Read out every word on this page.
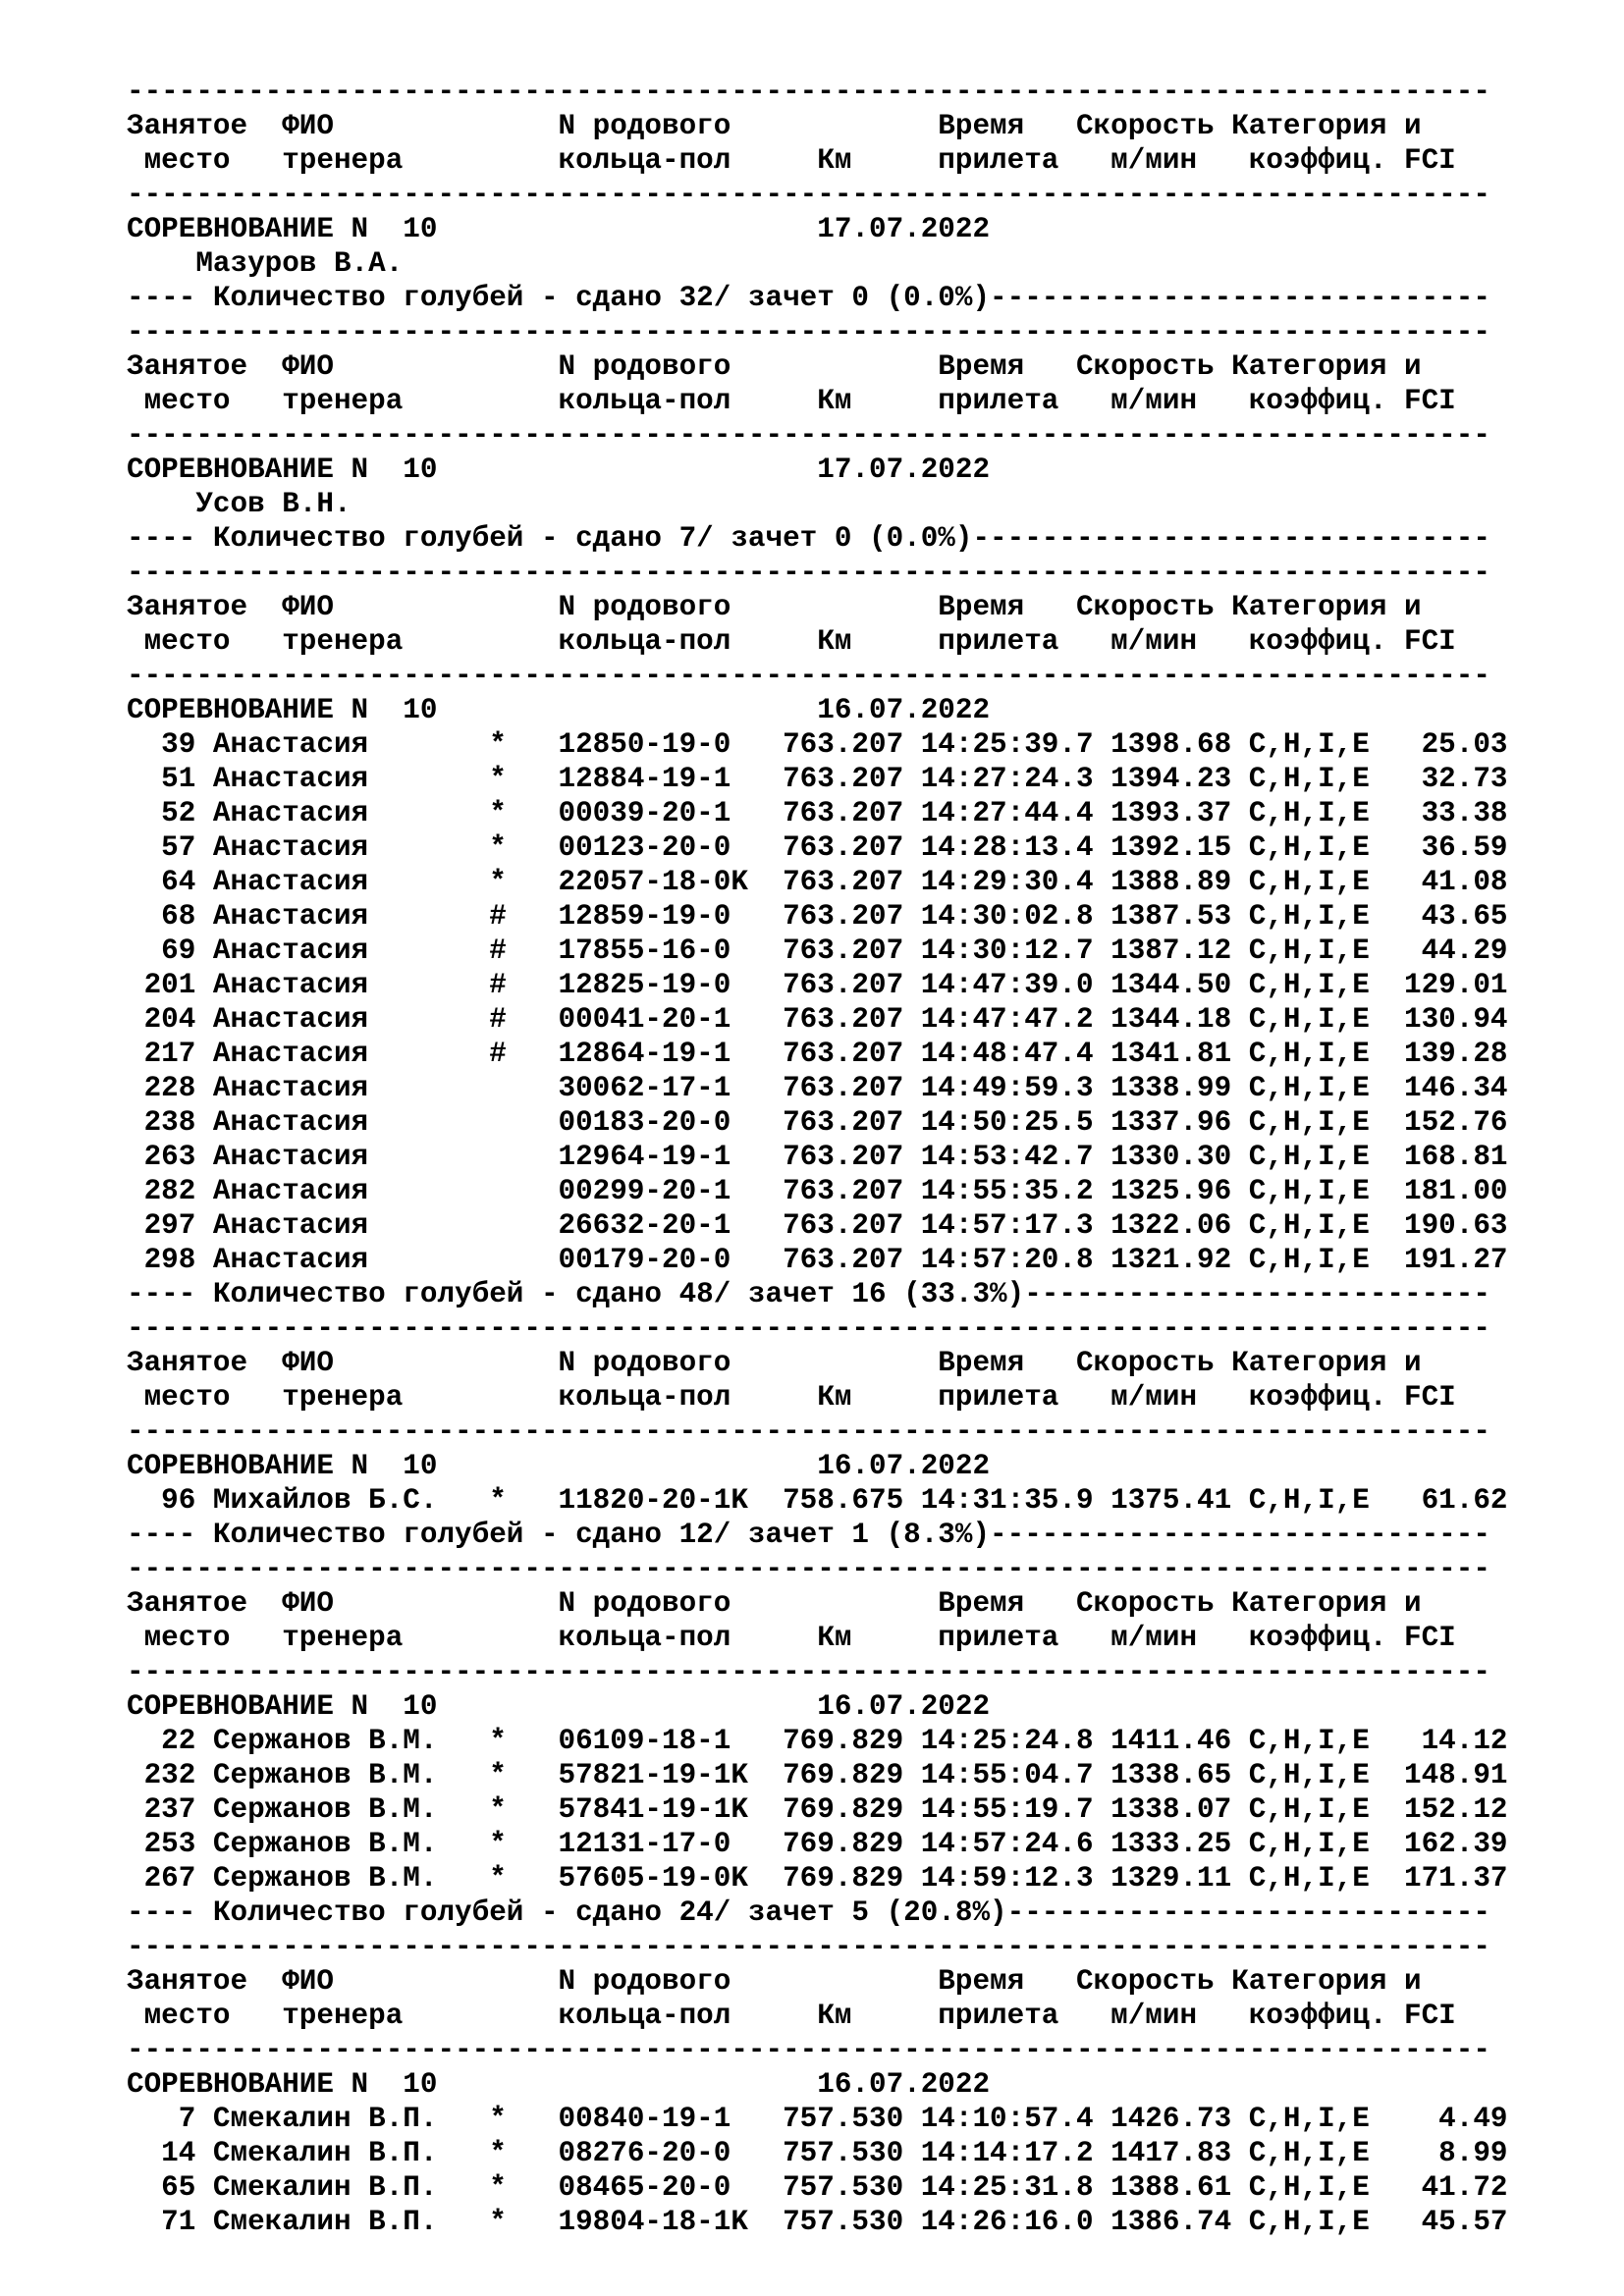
-------------------------------------------------------------------------------
Занятое  ФИО             N родового            Время   Скорость Категория и
место   тренера         кольца-пол     Км     прилета   м/мин   коэффиц. FCI
-------------------------------------------------------------------------------
СОРЕВНОВАНИЕ N  10                      17.07.2022
Мазуров В.А.
---- Количество голубей - сдано 32/ зачет 0 (0.0%)-----------------------------
-------------------------------------------------------------------------------
Занятое  ФИО             N родового            Время   Скорость Категория и
место   тренера         кольца-пол     Км     прилета   м/мин   коэффиц. FCI
-------------------------------------------------------------------------------
СОРЕВНОВАНИЕ N  10                      17.07.2022
Усов В.Н.
---- Количество голубей - сдано 7/ зачет 0 (0.0%)------------------------------
-------------------------------------------------------------------------------
Занятое  ФИО             N родового            Время   Скорость Категория и
место   тренера         кольца-пол     Км     прилета   м/мин   коэффиц. FCI
-------------------------------------------------------------------------------
СОРЕВНОВАНИЕ N  10                      16.07.2022
39 Анастасия       *   12850-19-0   763.207 14:25:39.7 1398.68 C,H,I,E   25.03
51 Анастасия       *   12884-19-1   763.207 14:27:24.3 1394.23 C,H,I,E   32.73
52 Анастасия       *   00039-20-1   763.207 14:27:44.4 1393.37 C,H,I,E   33.38
57 Анастасия       *   00123-20-0   763.207 14:28:13.4 1392.15 C,H,I,E   36.59
64 Анастасия       *   22057-18-0K  763.207 14:29:30.4 1388.89 C,H,I,E   41.08
68 Анастасия       #   12859-19-0   763.207 14:30:02.8 1387.53 C,H,I,E   43.65
69 Анастасия       #   17855-16-0   763.207 14:30:12.7 1387.12 C,H,I,E   44.29
201 Анастасия       #   12825-19-0   763.207 14:47:39.0 1344.50 C,H,I,E  129.01
204 Анастасия       #   00041-20-1   763.207 14:47:47.2 1344.18 C,H,I,E  130.94
217 Анастасия       #   12864-19-1   763.207 14:48:47.4 1341.81 C,H,I,E  139.28
228 Анастасия           30062-17-1   763.207 14:49:59.3 1338.99 C,H,I,E  146.34
238 Анастасия           00183-20-0   763.207 14:50:25.5 1337.96 C,H,I,E  152.76
263 Анастасия           12964-19-1   763.207 14:53:42.7 1330.30 C,H,I,E  168.81
282 Анастасия           00299-20-1   763.207 14:55:35.2 1325.96 C,H,I,E  181.00
297 Анастасия           26632-20-1   763.207 14:57:17.3 1322.06 C,H,I,E  190.63
298 Анастасия           00179-20-0   763.207 14:57:20.8 1321.92 C,H,I,E  191.27
---- Количество голубей - сдано 48/ зачет 16 (33.3%)---------------------------
-------------------------------------------------------------------------------
Занятое  ФИО             N родового            Время   Скорость Категория и
место   тренера         кольца-пол     Км     прилета   м/мин   коэффиц. FCI
-------------------------------------------------------------------------------
СОРЕВНОВАНИЕ N  10                      16.07.2022
96 Михайлов Б.С.   *   11820-20-1K  758.675 14:31:35.9 1375.41 C,H,I,E   61.62
---- Количество голубей - сдано 12/ зачет 1 (8.3%)-----------------------------
-------------------------------------------------------------------------------
Занятое  ФИО             N родового            Время   Скорость Категория и
место   тренера         кольца-пол     Км     прилета   м/мин   коэффиц. FCI
-------------------------------------------------------------------------------
СОРЕВНОВАНИЕ N  10                      16.07.2022
22 Сержанов В.М.   *   06109-18-1   769.829 14:25:24.8 1411.46 C,H,I,E   14.12
232 Сержанов В.М.   *   57821-19-1K  769.829 14:55:04.7 1338.65 C,H,I,E  148.91
237 Сержанов В.М.   *   57841-19-1K  769.829 14:55:19.7 1338.07 C,H,I,E  152.12
253 Сержанов В.М.   *   12131-17-0   769.829 14:57:24.6 1333.25 C,H,I,E  162.39
267 Сержанов В.М.   *   57605-19-0K  769.829 14:59:12.3 1329.11 C,H,I,E  171.37
---- Количество голубей - сдано 24/ зачет 5 (20.8%)----------------------------
-------------------------------------------------------------------------------
Занятое  ФИО             N родового            Время   Скорость Категория и
место   тренера         кольца-пол     Км     прилета   м/мин   коэффиц. FCI
-------------------------------------------------------------------------------
СОРЕВНОВАНИЕ N  10                      16.07.2022
7 Смекалин В.П.   *   00840-19-1   757.530 14:10:57.4 1426.73 C,H,I,E    4.49
14 Смекалин В.П.   *   08276-20-0   757.530 14:14:17.2 1417.83 C,H,I,E    8.99
65 Смекалин В.П.   *   08465-20-0   757.530 14:25:31.8 1388.61 C,H,I,E   41.72
71 Смекалин В.П.   *   19804-18-1K  757.530 14:26:16.0 1386.74 C,H,I,E   45.57
